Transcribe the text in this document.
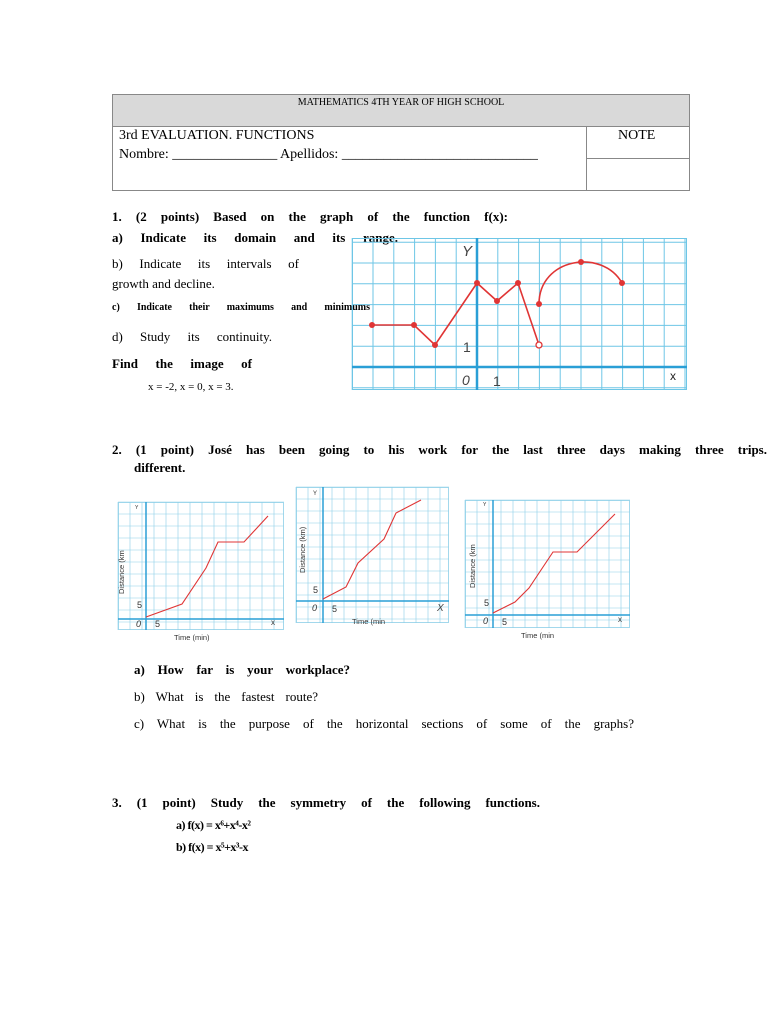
MATHEMATICS 4TH YEAR OF HIGH SCHOOL
3rd EVALUATION. FUNCTIONS
Nombre: _______________ Apellidos: ____________________________
NOTE
1. (2 points) Based on the graph of the function f(x):
a) Indicate its domain and its range.
b) Indicate its intervals of
growth and decline.
c) Indicate their maximums and minimums
d) Study its continuity.
Find the image of
x = -2, x = 0, x = 3.
Y
x
0 1
1
2. (1 point) José has been going to his work for the last three days making three trips.
different.
Distance (km
Time (min)
Y
x
0 5
5
Distance (km)
Time (min
Y
X
0 5
5
Distance (km
Time (min
Y
x
0 5
5
a) How far is your workplace?
b) What is the fastest route?
c) What is the purpose of the horizontal sections of some of the graphs?
3. (1 point) Study the symmetry of the following functions.
a) f(x) = x⁶+x⁴-x²
b) f(x) = x⁵+x³-x
